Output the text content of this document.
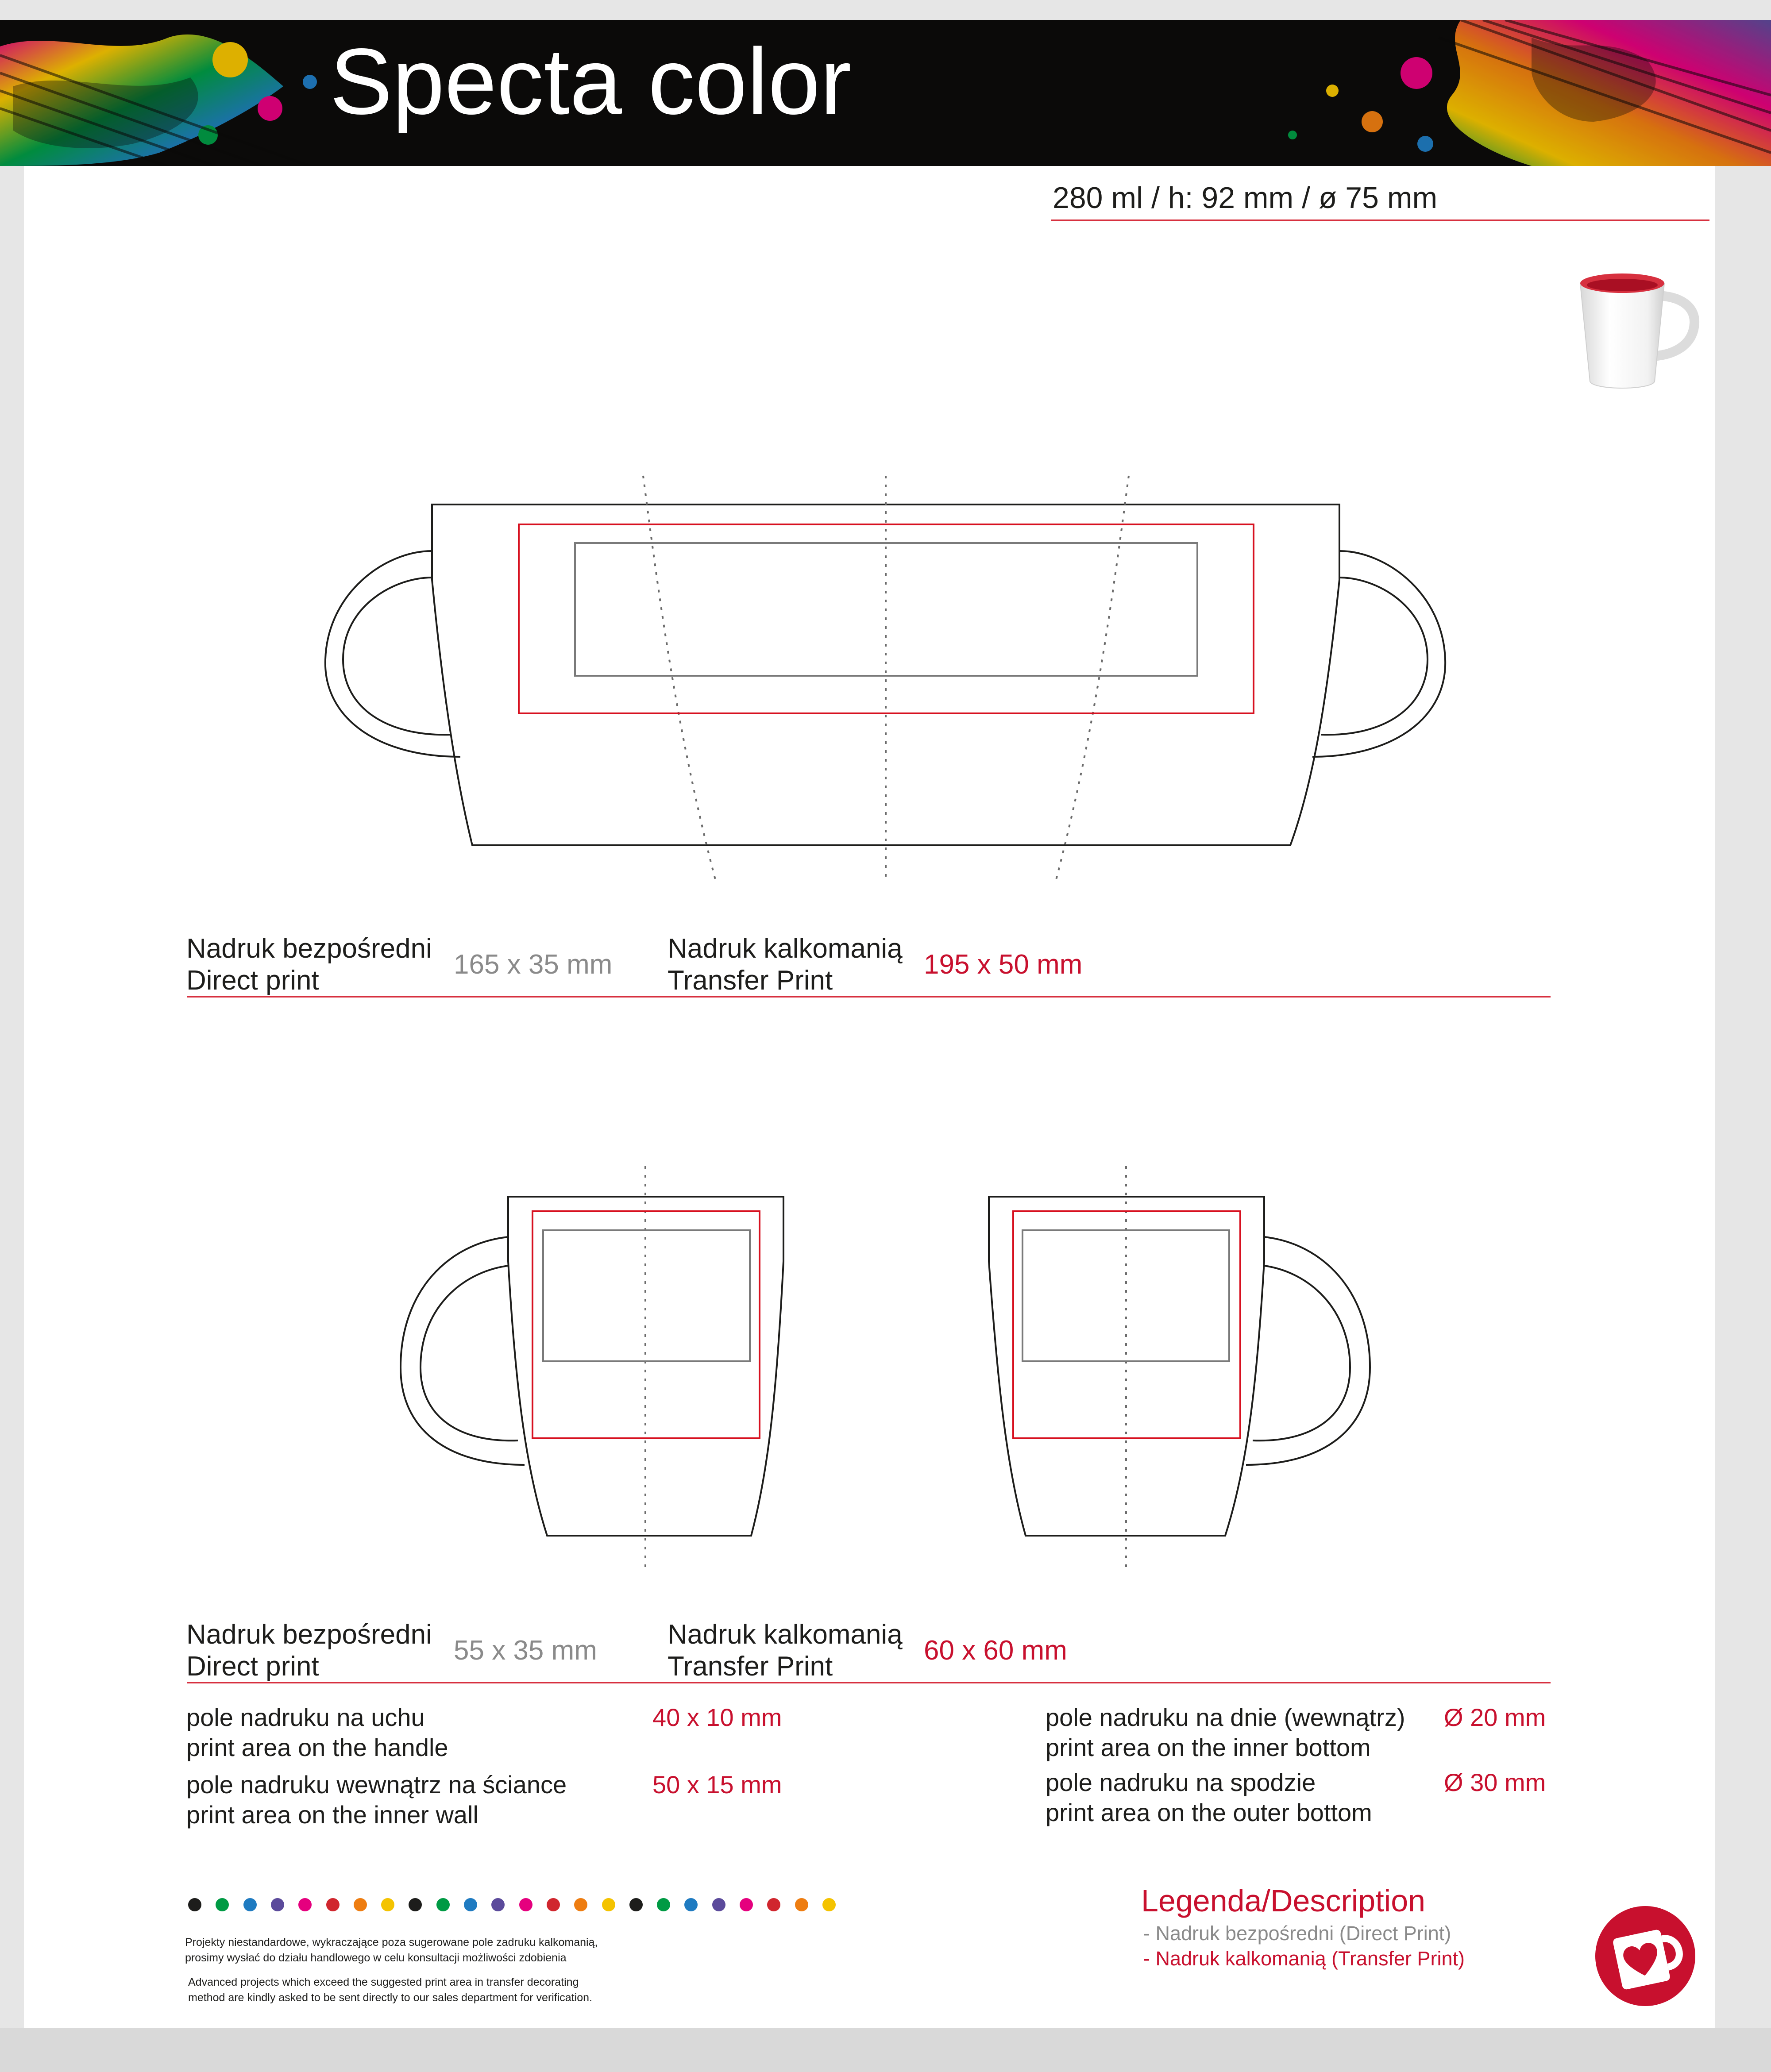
Specta color
280 ml / h: 92 mm / ø 75 mm
Nadruk bezpośredni
Direct print
165 x 35 mm
Nadruk kalkomanią
Transfer Print
195 x 50 mm
Nadruk bezpośredni
Direct print
55 x 35 mm
Nadruk kalkomanią
Transfer Print
60 x 60 mm
pole nadruku na uchu
print area on the handle
40 x 10 mm
pole nadruku wewnątrz na ściance
print area on the inner wall
50 x 15 mm
pole nadruku na dnie (wewnątrz)
print area on the inner bottom
Ø 20 mm
pole nadruku na spodzie
print area on the outer bottom
Ø 30 mm
Projekty niestandardowe, wykraczające poza sugerowane pole zadruku kalkomanią,
prosimy wysłać do działu handlowego w celu konsultacji możliwości zdobienia
Advanced projects which exceed the suggested print area in transfer decorating
method are kindly asked to be sent directly to our sales department for verification.
Legenda/Description
- Nadruk bezpośredni (Direct Print)
- Nadruk kalkomanią (Transfer Print)
